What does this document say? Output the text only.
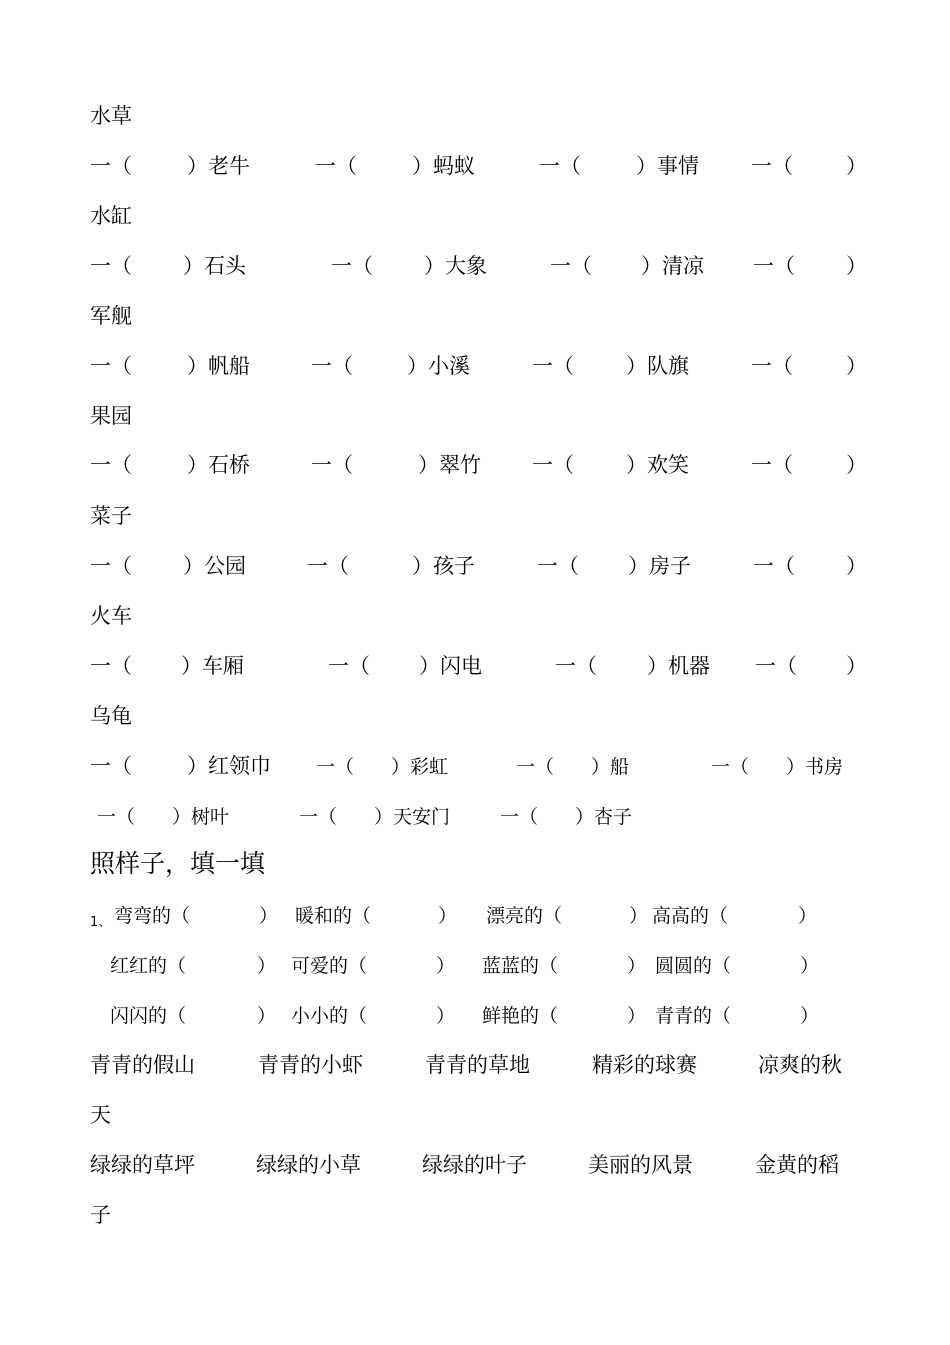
水草
一（	）老牛	一（	）蚂蚁	一（	）事情 一（	）
水缸
一（ ）石头	一（ ）大象	一（ ）清凉 一（ ）
军舰
一（	）帆船	一（	）小溪	一（ ）队旗	一（	）
果园
一（	）石桥	一（	）翠竹 一（ ）欢笑	一（	）
菜子
一（ ）公园	一（	）孩子	一（ ）房子	一（ ）
火车
一（ ）车厢	一（ ）闪电	一（ ）机器 一（ ）
乌龟
一（	）红领巾 一（ ）彩虹	一（ ）船	一（ ）书房
一（ ）树叶	一（ ）天安门	一（ ）杏子
照样子，填一填
1、 弯弯的（	） 暖和的（	） 漂亮的（	） 高高的（	）
红红的（	） 可爱的（	） 蓝蓝的（	） 圆圆的（	）
闪闪的（	） 小小的（	） 鲜艳的（	） 青青的（	）
青青的假山	青青的小虾	青青的草地	精彩的球赛	凉爽的秋
天
绿绿的草坪	绿绿的小草	绿绿的叶子	美丽的风景	金黄的稻
子
